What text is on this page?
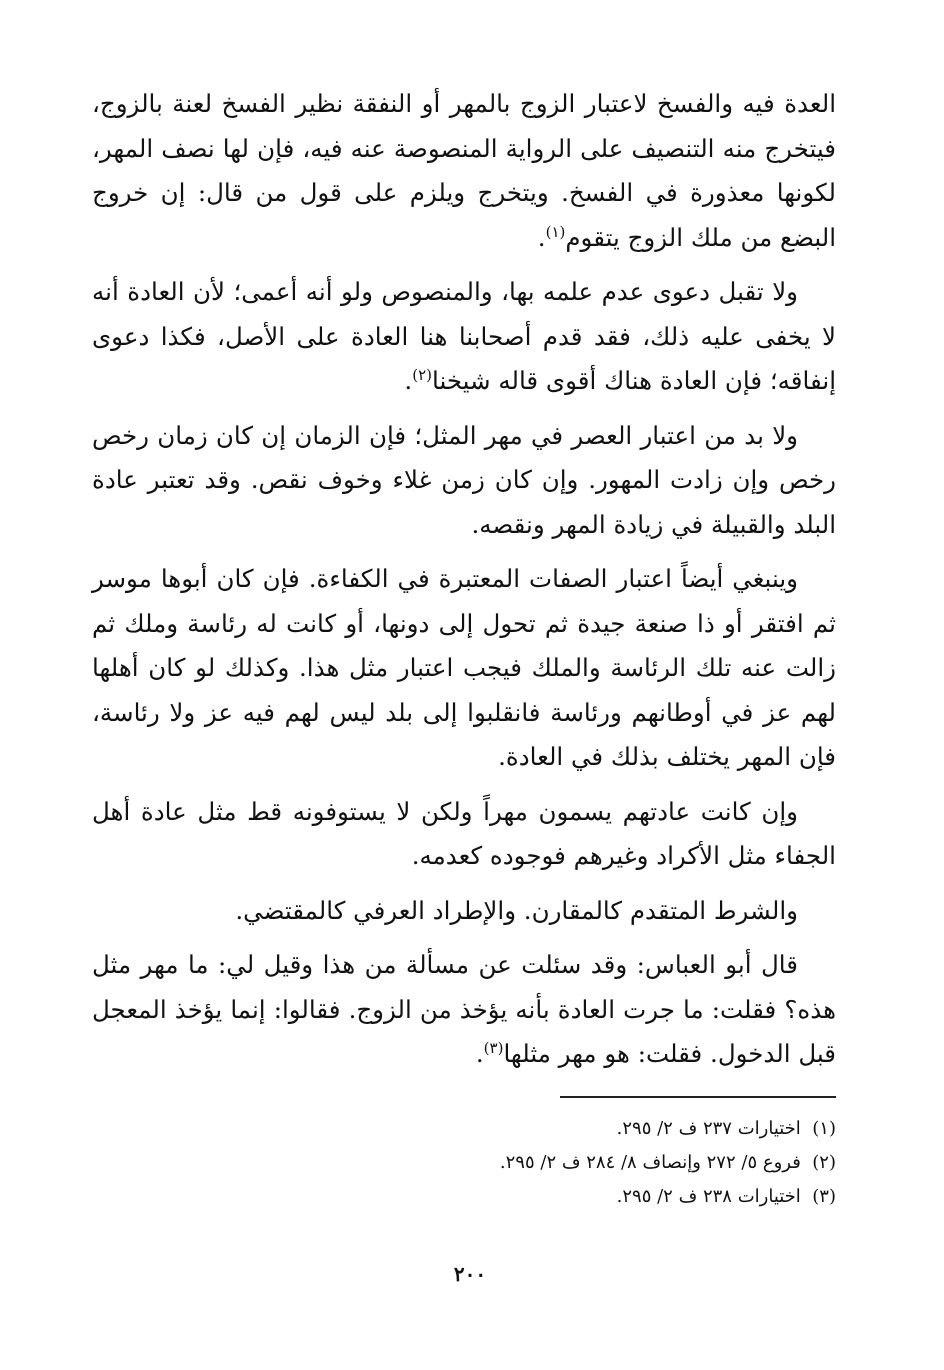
العدة فيه والفسخ لاعتبار الزوج بالمهر أو النفقة نظير الفسخ لعنة بالزوج، فيتخرج منه التنصيف على الرواية المنصوصة عنه فيه، فإن لها نصف المهر، لكونها معذورة في الفسخ. ويتخرج ويلزم على قول من قال: إن خروج البضع من ملك الزوج يتقوم$^{(١)}$.

ولا تقبل دعوى عدم علمه بها، والمنصوص ولو أنه أعمى؛ لأن العادة أنه لا يخفى عليه ذلك، فقد قدم أصحابنا هنا العادة على الأصل، فكذا دعوى إنفاقه؛ فإن العادة هناك أقوى قاله شيخنا$^{(٢)}$.

ولا بد من اعتبار العصر في مهر المثل؛ فإن الزمان إن كان زمان رخص رخص وإن زادت المهور. وإن كان زمن غلاء وخوف نقص. وقد تعتبر عادة البلد والقبيلة في زيادة المهر ونقصه.

وينبغي أيضاً اعتبار الصفات المعتبرة في الكفاءة. فإن كان أبوها موسر ثم افتقر أو ذا صنعة جيدة ثم تحول إلى دونها، أو كانت له رئاسة وملك ثم زالت عنه تلك الرئاسة والملك فيجب اعتبار مثل هذا. وكذلك لو كان أهلها لهم عز في أوطانهم ورئاسة فانقلبوا إلى بلد ليس لهم فيه عز ولا رئاسة، فإن المهر يختلف بذلك في العادة.

وإن كانت عادتهم يسمون مهراً ولكن لا يستوفونه قط مثل عادة أهل الجفاء مثل الأكراد وغيرهم فوجوده كعدمه.

والشرط المتقدم كالمقارن. والإطراد العرفي كالمقتضي.

قال أبو العباس: وقد سئلت عن مسألة من هذا وقيل لي: ما مهر مثل هذه؟ فقلت: ما جرت العادة بأنه يؤخذ من الزوج. فقالوا: إنما يؤخذ المعجل قبل الدخول. فقلت: هو مهر مثلها$^{(٣)}$.

(١)  اختيارات ٢٣٧ ف ٢/ ٢٩٥.

(٢)  فروع ٥/ ٢٧٢ وإنصاف ٨/ ٢٨٤ ف ٢/ ٢٩٥.

(٣)  اختيارات ٢٣٨ ف ٢/ ٢٩٥.

٢٠٠
